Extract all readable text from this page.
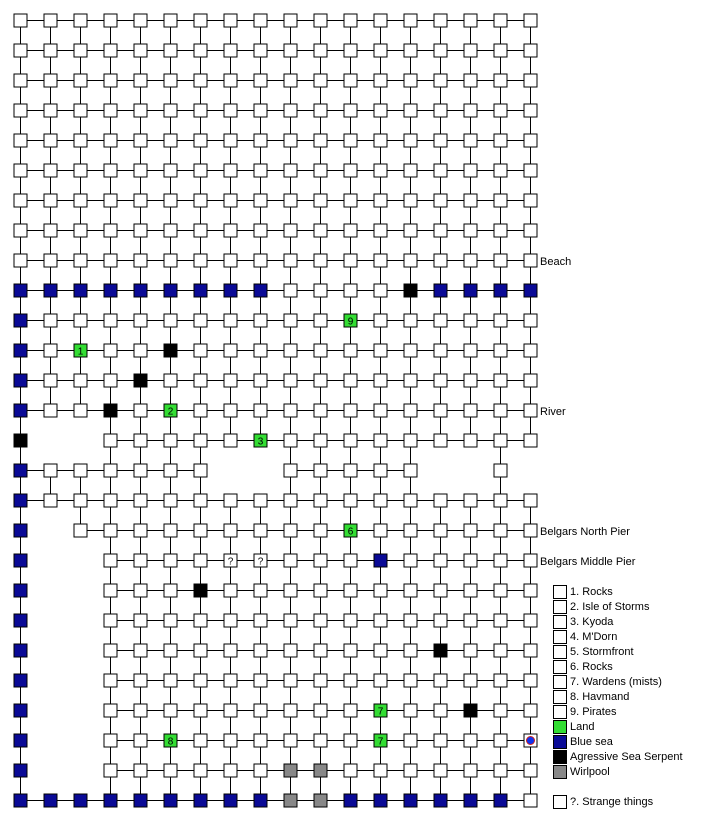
9
1
2
3
6
? ?
7
8	7
Beach
River
Belgars North Pier
Belgars Middle Pier
1. Rocks
2. Isle of Storms
3. Kyoda
4. M'Dorn
5. Stormfront
6. Rocks
7. Wardens (mists)
8. Havmand
9. Pirates
Land
Blue sea
Agressive Sea Serpent
Wirlpool
?. Strange things
